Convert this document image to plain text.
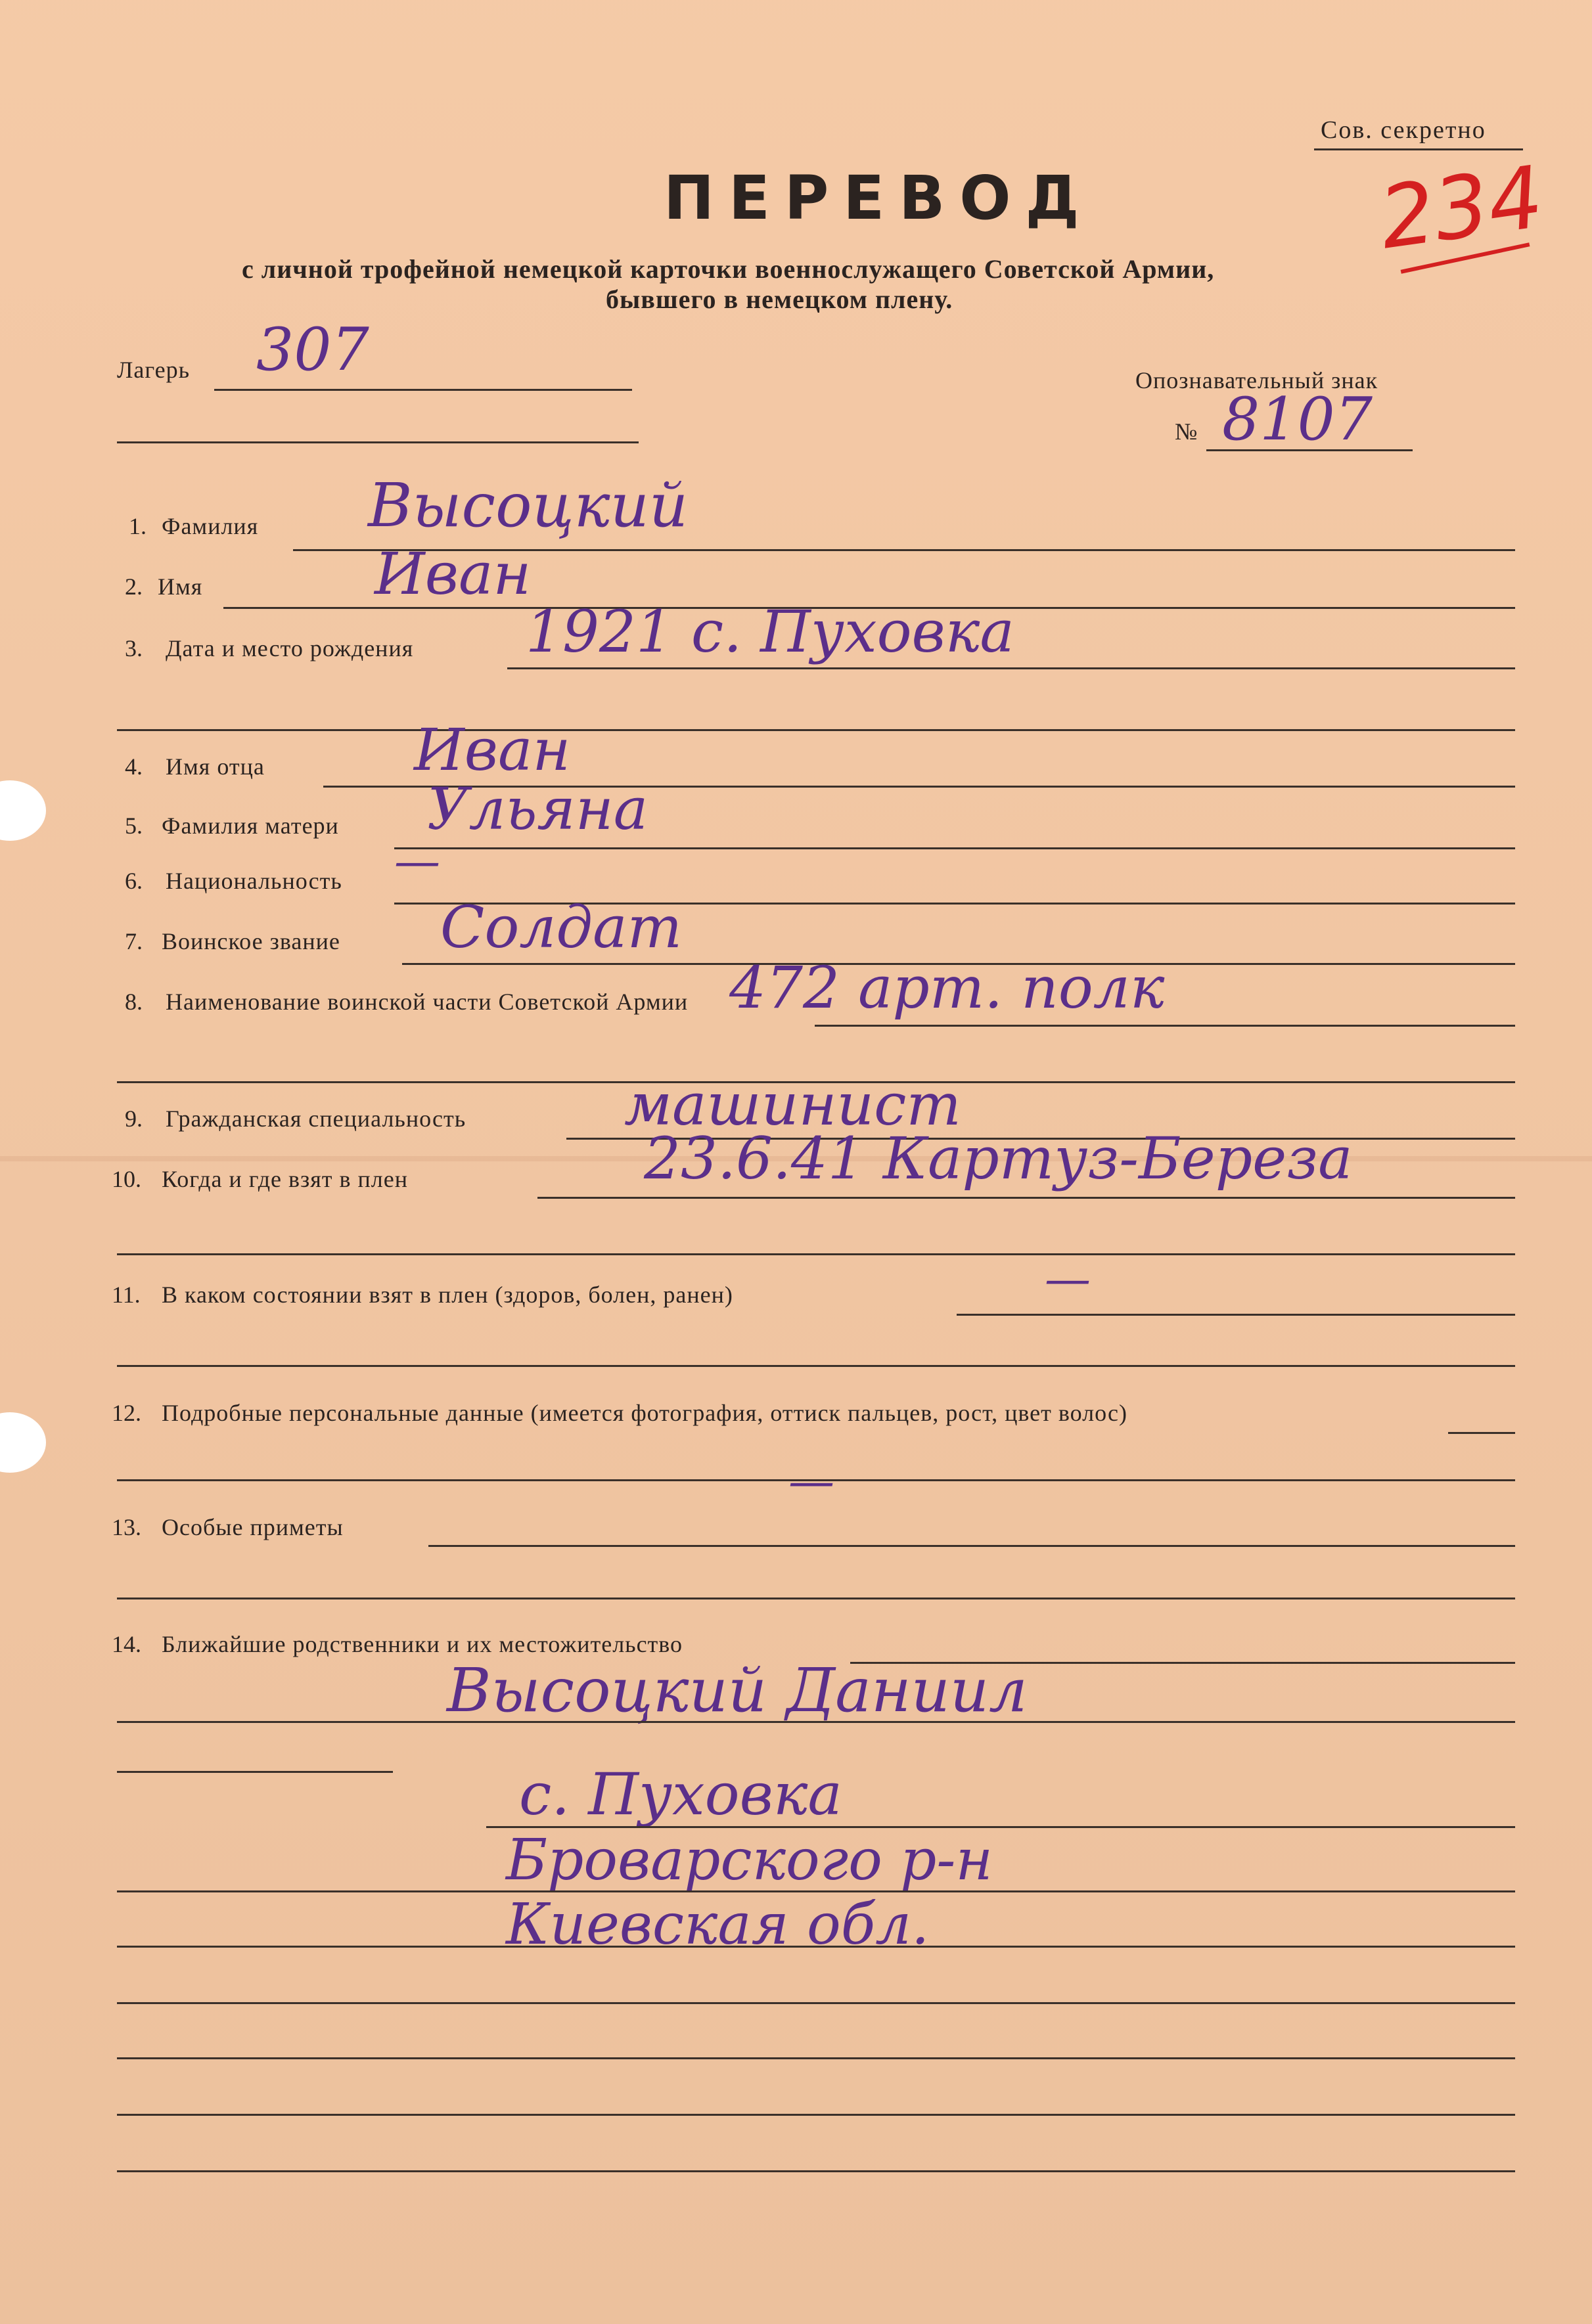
Сов. секретно
234
ПЕРЕВОД
с личной трофейной немецкой карточки военнослужащего Советской Армии,
бывшего в немецком плену.
Лагерь 307	Опознавательный знак
№ 8107
1. Фамилия Высоцкий
2. Имя	Иван
3. Дата и место рождения 1921 с. Пуховка
4. Имя отца	Иван
5. Фамилия матери Ульяна
6. Национальность —
7. Воинское звание Солдат
8. Наименование воинской части Советской Армии 472 арт. полк
9. Гражданская специальность	машинист
10. Когда и где взят в плен	23.6.41 Картуз-Береза
11. В каком состоянии взят в плен (здоров, болен, ранен)	—
12. Подробные персональные данные (имеется фотография, оттиск пальцев, рост, цвет волос)
—
13. Особые приметы
14. Ближайшие родственники и их местожительство
Высоцкий Даниил
с. Пуховка
Броварского р-н
Киевская обл.
